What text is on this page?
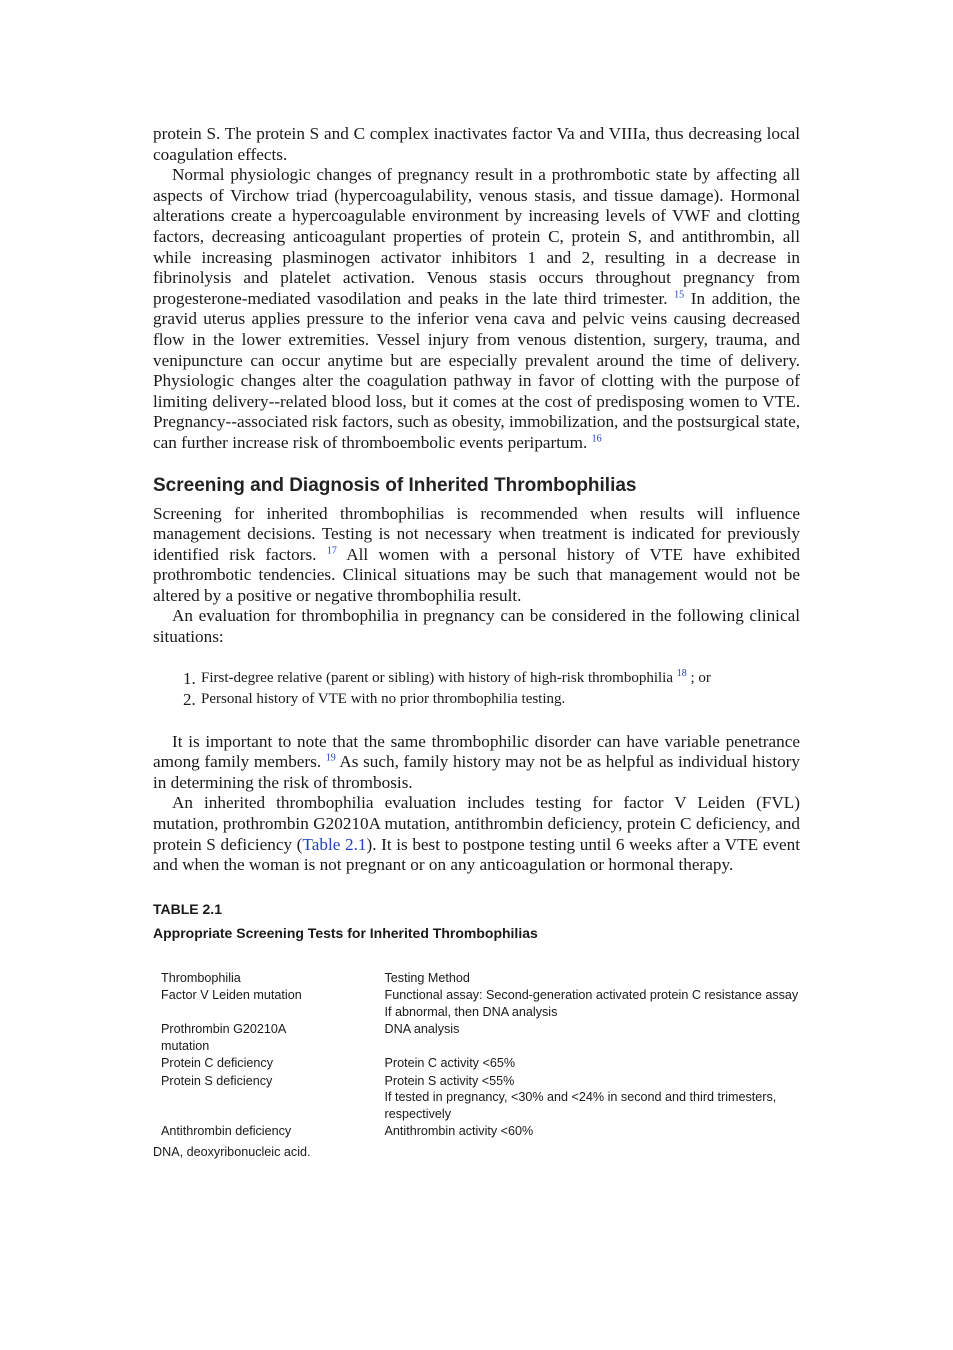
protein S. The protein S and C complex inactivates factor Va and VIIIa, thus decreasing local coagulation effects.

Normal physiologic changes of pregnancy result in a prothrombotic state by affecting all aspects of Virchow triad (hypercoagulability, venous stasis, and tissue damage). Hormonal alterations create a hypercoagulable environment by increasing levels of VWF and clotting factors, decreasing anticoagulant properties of protein C, protein S, and antithrombin, all while increasing plasminogen activator inhibitors 1 and 2, resulting in a decrease in fibrinolysis and platelet activation. Venous stasis occurs throughout pregnancy from progesterone-mediated vasodilation and peaks in the late third trimester. $^{15}$ In addition, the gravid uterus applies pressure to the inferior vena cava and pelvic veins causing decreased flow in the lower extremities. Vessel injury from venous distention, surgery, trauma, and venipuncture can occur anytime but are especially prevalent around the time of delivery. Physiologic changes alter the coagulation pathway in favor of clotting with the purpose of limiting delivery--related blood loss, but it comes at the cost of predisposing women to VTE. Pregnancy--associated risk factors, such as obesity, immobilization, and the postsurgical state, can further increase risk of thromboembolic events peripartum. $^{16}$

Screening and Diagnosis of Inherited Thrombophilias

Screening for inherited thrombophilias is recommended when results will influence management decisions. Testing is not necessary when treatment is indicated for previously identified risk factors. $^{17}$ All women with a personal history of VTE have exhibited prothrombotic tendencies. Clinical situations may be such that management would not be altered by a positive or negative thrombophilia result.

An evaluation for thrombophilia in pregnancy can be considered in the following clinical situations:

1. First-degree relative (parent or sibling) with history of high-risk thrombophilia $^{18}$ ; or
2. Personal history of VTE with no prior thrombophilia testing.

It is important to note that the same thrombophilic disorder can have variable penetrance among family members. $^{19}$ As such, family history may not be as helpful as individual history in determining the risk of thrombosis.

An inherited thrombophilia evaluation includes testing for factor V Leiden (FVL) mutation, prothrombin G20210A mutation, antithrombin deficiency, protein C deficiency, and protein S deficiency (Table 2.1). It is best to postpone testing until 6 weeks after a VTE event and when the woman is not pregnant or on any anticoagulation or hormonal therapy.

TABLE 2.1
Appropriate Screening Tests for Inherited Thrombophilias
Thrombophilia	Testing Method
Factor V Leiden mutation	Functional assay: Second-generation activated protein C resistance assay
If abnormal, then DNA analysis

Prothrombin G20210A mutation	DNA analysis

Protein C deficiency	Protein C activity <65%

Protein S deficiency	Protein S activity <55%
If tested in pregnancy, <30% and <24% in second and third trimesters, respectively

Antithrombin deficiency	Antithrombin activity <60%
DNA, deoxyribonucleic acid.
